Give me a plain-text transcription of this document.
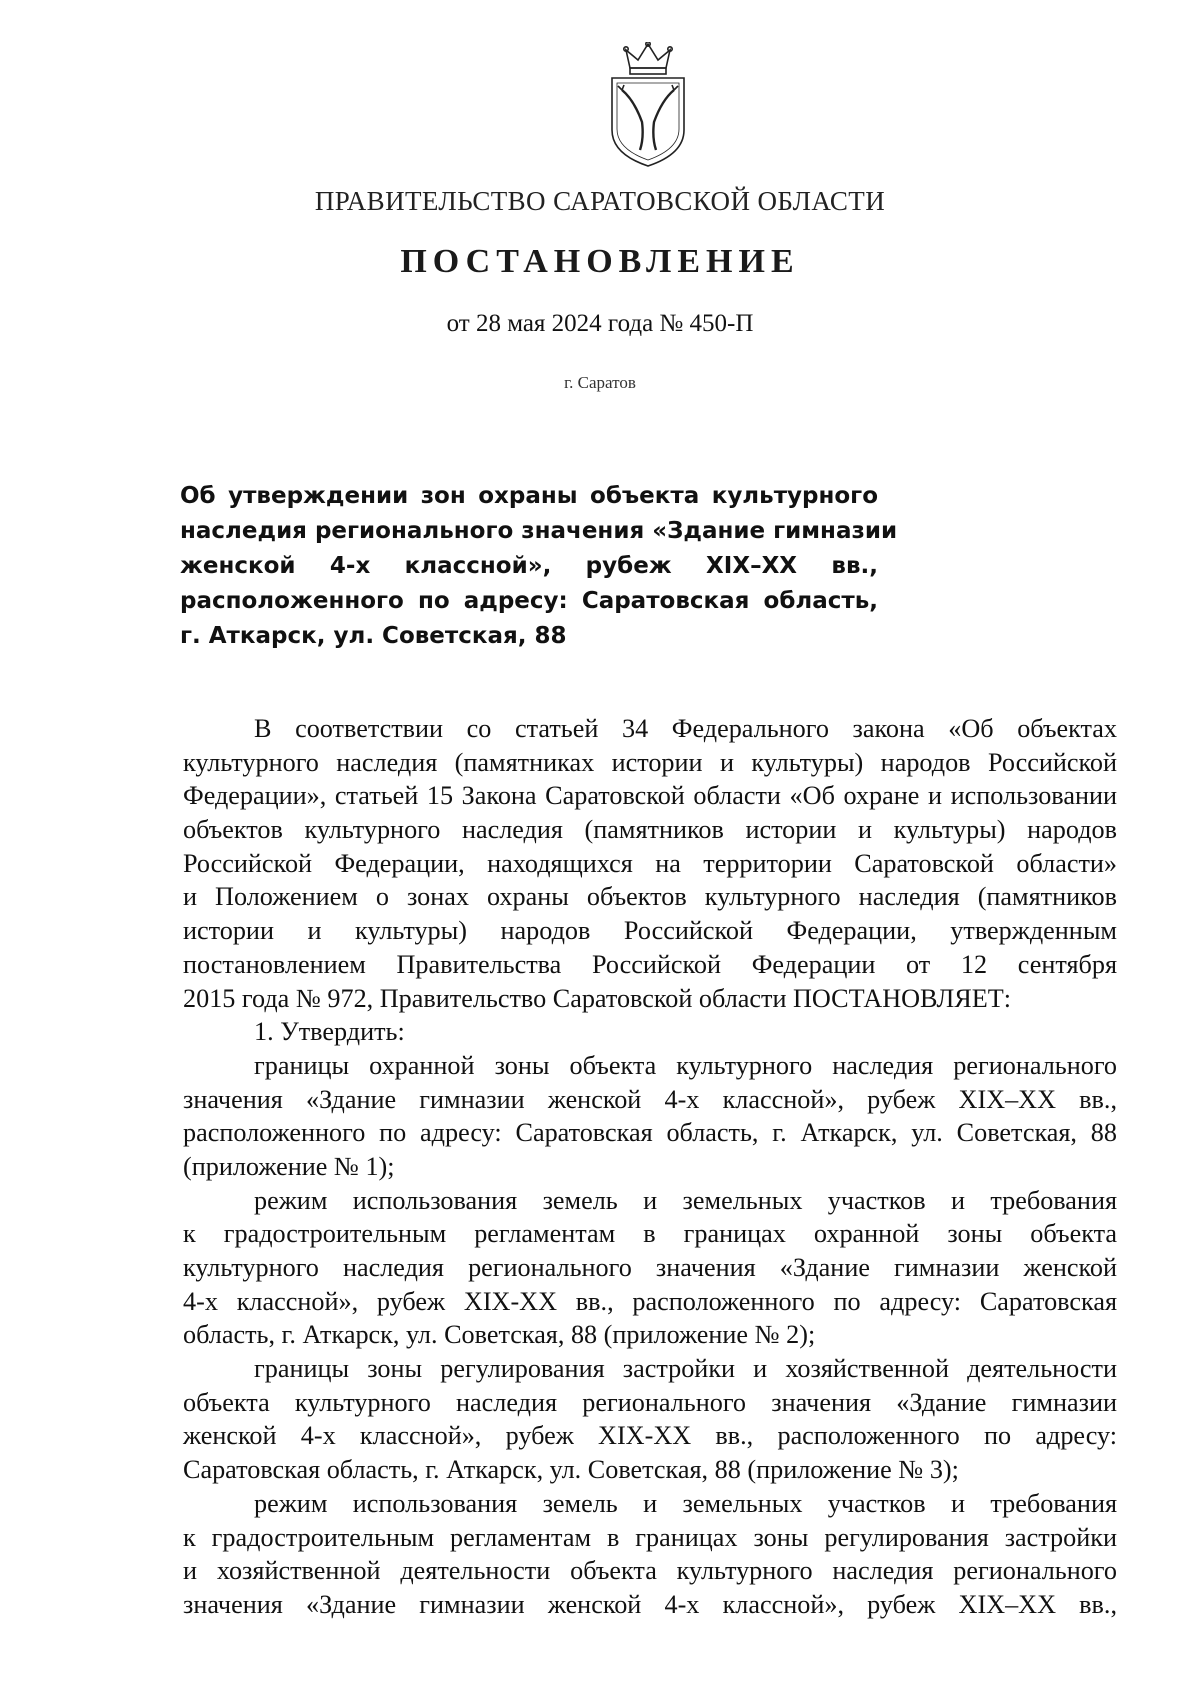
ПРАВИТЕЛЬСТВО САРАТОВСКОЙ ОБЛАСТИ
ПОСТАНОВЛЕНИЕ

от 28 мая 2024 года № 450-П

г. Саратов

Об утверждении зон охраны объекта культурного
наследия регионального значения «Здание гимназии
женской 4-х классной», рубеж XIX–XX вв.,
расположенного по адресу: Саратовская область,
г. Аткарск, ул. Советская, 88
В соответствии со статьей 34 Федерального закона «Об объектах
культурного наследия (памятниках истории и культуры) народов Российской
Федерации», статьей 15 Закона Саратовской области «Об охране и использовании
объектов культурного наследия (памятников истории и культуры) народов
Российской Федерации, находящихся на территории Саратовской области»
и Положением о зонах охраны объектов культурного наследия (памятников
истории и культуры) народов Российской Федерации, утвержденным
постановлением Правительства Российской Федерации от 12 сентября
2015 года № 972, Правительство Саратовской области ПОСТАНОВЛЯЕТ:
1. Утвердить:
границы охранной зоны объекта культурного наследия регионального
значения «Здание гимназии женской 4-х классной», рубеж XIX–XX вв.,
расположенного по адресу: Саратовская область, г. Аткарск, ул. Советская, 88
(приложение № 1);
режим использования земель и земельных участков и требования
к градостроительным регламентам в границах охранной зоны объекта
культурного наследия регионального значения «Здание гимназии женской
4-х классной», рубеж XIX-XX вв., расположенного по адресу: Саратовская
область, г. Аткарск, ул. Советская, 88 (приложение № 2);
границы зоны регулирования застройки и хозяйственной деятельности
объекта культурного наследия регионального значения «Здание гимназии
женской 4-х классной», рубеж XIX-XX вв., расположенного по адресу:
Саратовская область, г. Аткарск, ул. Советская, 88 (приложение № 3);
режим использования земель и земельных участков и требования
к градостроительным регламентам в границах зоны регулирования застройки
и хозяйственной деятельности объекта культурного наследия регионального
значения «Здание гимназии женской 4-х классной», рубеж XIX–XX вв.,
